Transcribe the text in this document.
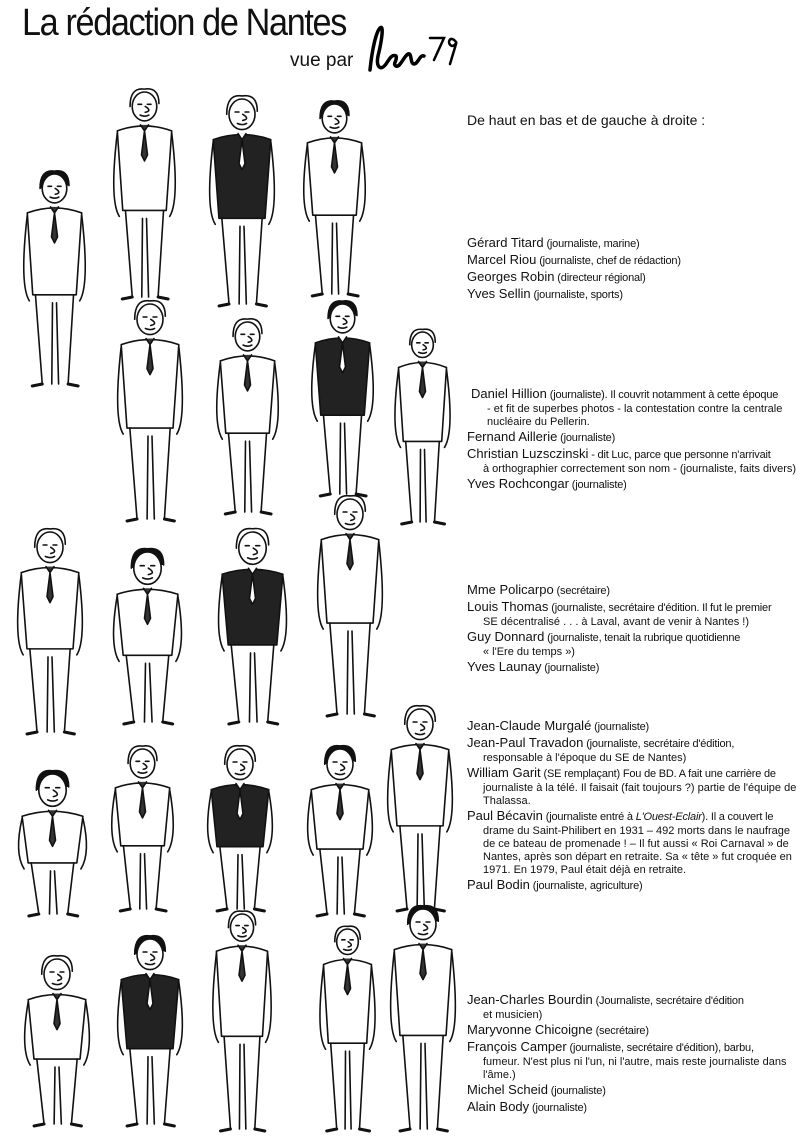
La rédaction de Nantes
vue par
De haut en bas et de gauche à droite :
Gérard Titard (journaliste, marine)
Marcel Riou (journaliste, chef de rédaction)
Georges Robin (directeur régional)
Yves Sellin (journaliste, sports)
Daniel Hillion (journaliste). Il couvrit notamment à cette époque
- et fit de superbes photos - la contestation contre la centrale nucléaire du Pellerin.
Fernand Aillerie (journaliste)
Christian Luzsczinski - dit Luc, parce que personne n'arrivait
à orthographier correctement son nom - (journaliste, faits divers)
Yves Rochcongar (journaliste)
Mme Policarpo (secrétaire)
Louis Thomas (journaliste, secrétaire d'édition. Il fut le premier
SE décentralisé . . . à Laval, avant de venir à Nantes !)
Guy Donnard (journaliste, tenait la rubrique quotidienne
« l'Ere du temps »)
Yves Launay (journaliste)
Jean-Claude Murgalé (journaliste)
Jean-Paul Travadon (journaliste, secrétaire d'édition,
responsable à l'époque du SE de Nantes)
William Garit (SE remplaçant) Fou de BD. A fait une carrière de
journaliste à la télé. Il faisait (fait toujours ?) partie de l'équipe de Thalassa.
Paul Bécavin (journaliste entré à L'Ouest-Eclair). Il a couvert le
drame du Saint-Philibert en 1931 – 492 morts dans le naufrage de ce bateau de promenade ! – Il fut aussi « Roi Carnaval » de Nantes, après son départ en retraite. Sa « tête » fut croquée en 1971. En 1979, Paul était déjà en retraite.
Paul Bodin (journaliste, agriculture)
Jean-Charles Bourdin (Journaliste, secrétaire d'édition
et musicien)
Maryvonne Chicoigne (secrétaire)
François Camper (journaliste, secrétaire d'édition), barbu,
fumeur. N'est plus ni l'un, ni l'autre, mais reste journaliste dans l'âme.)
Michel Scheid (journaliste)
Alain Body (journaliste)
